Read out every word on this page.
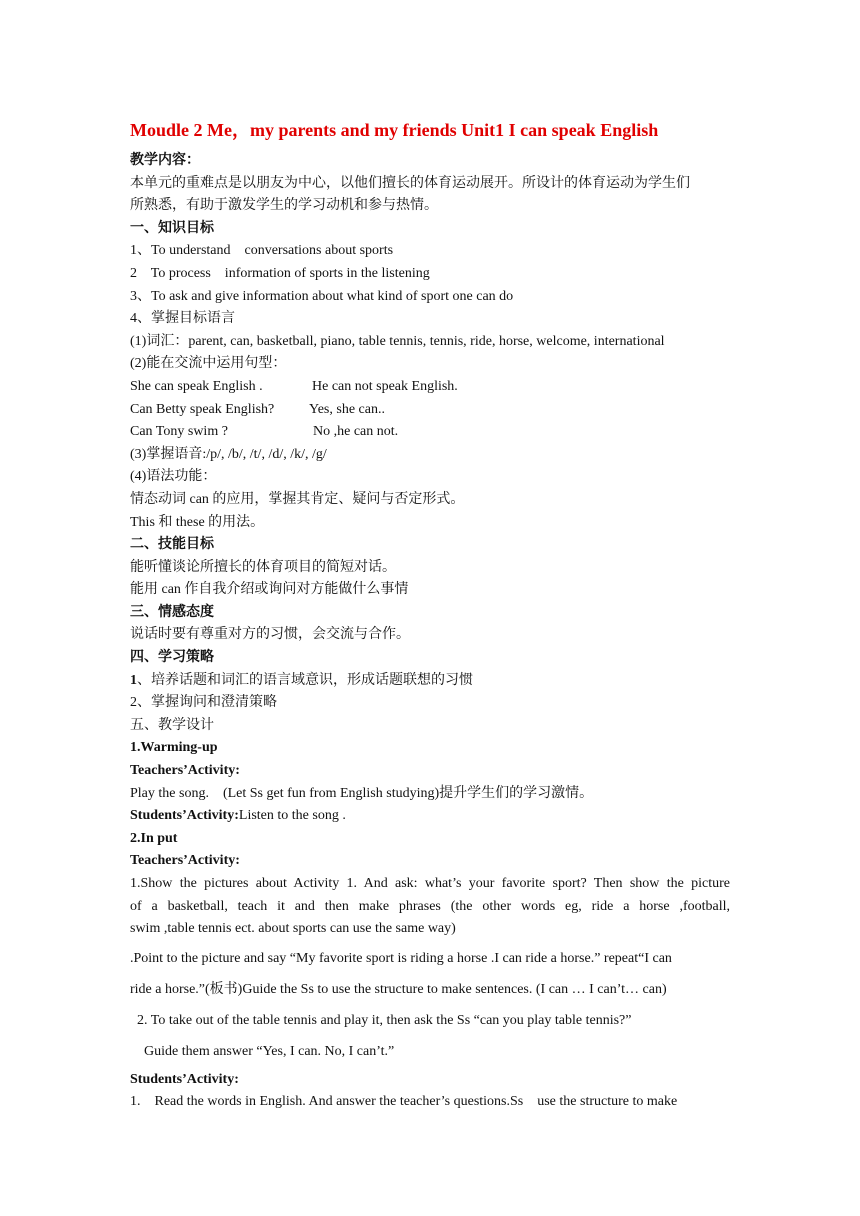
Moudle 2 Me，my parents and my friends Unit1 I can speak English
教学内容：
本单元的重难点是以朋友为中心，以他们擅长的体育运动展开。所设计的体育运动为学生们
所熟悉，有助于激发学生的学习动机和参与热情。
一、知识目标
1、To understand    conversations about sports
2    To process    information of sports in the listening
3、To ask and give information about what kind of sport one can do
4、掌握目标语言
(1)词汇：parent, can, basketball, piano, table tennis, tennis, ride, horse, welcome, international
(2)能在交流中运用句型：
She can speak English .	He can not speak English.
Can Betty speak English? Yes, she can..
Can Tony swim ?	No ,he can not.
(3)掌握语音:/p/, /b/, /t/, /d/, /k/, /g/
(4)语法功能：
情态动词 can 的应用，掌握其肯定、疑问与否定形式。
This 和 these 的用法。
二、技能目标
能听懂谈论所擅长的体育项目的简短对话。
能用 can 作自我介绍或询问对方能做什么事情
三、情感态度
说话时要有尊重对方的习惯，会交流与合作。
四、学习策略
1、培养话题和词汇的语言域意识，形成话题联想的习惯
2、掌握询问和澄清策略
五、教学设计
1.Warming-up
Teachers’Activity:
Play the song.    (Let Ss get fun from English studying)提升学生们的学习激情。
Students’Activity:Listen to the song .
2.In put
Teachers’Activity:
1.Show the pictures about Activity 1. And ask: what’s your favorite sport? Then show the picture
of a basketball, teach it and then make phrases (the other words eg, ride a horse ,football,
swim ,table tennis ect. about sports can use the same way)
.Point to the picture and say “My favorite sport is riding a horse .I can ride a horse.” repeat“I can
ride a horse.”(板书)Guide the Ss to use the structure to make sentences. (I can … I can’t… can)
2. To take out of the table tennis and play it, then ask the Ss “can you play table tennis?”
Guide them answer “Yes, I can. No, I can’t.”
Students’Activity:
1.    Read the words in English. And answer the teacher’s questions.Ss    use the structure to make
